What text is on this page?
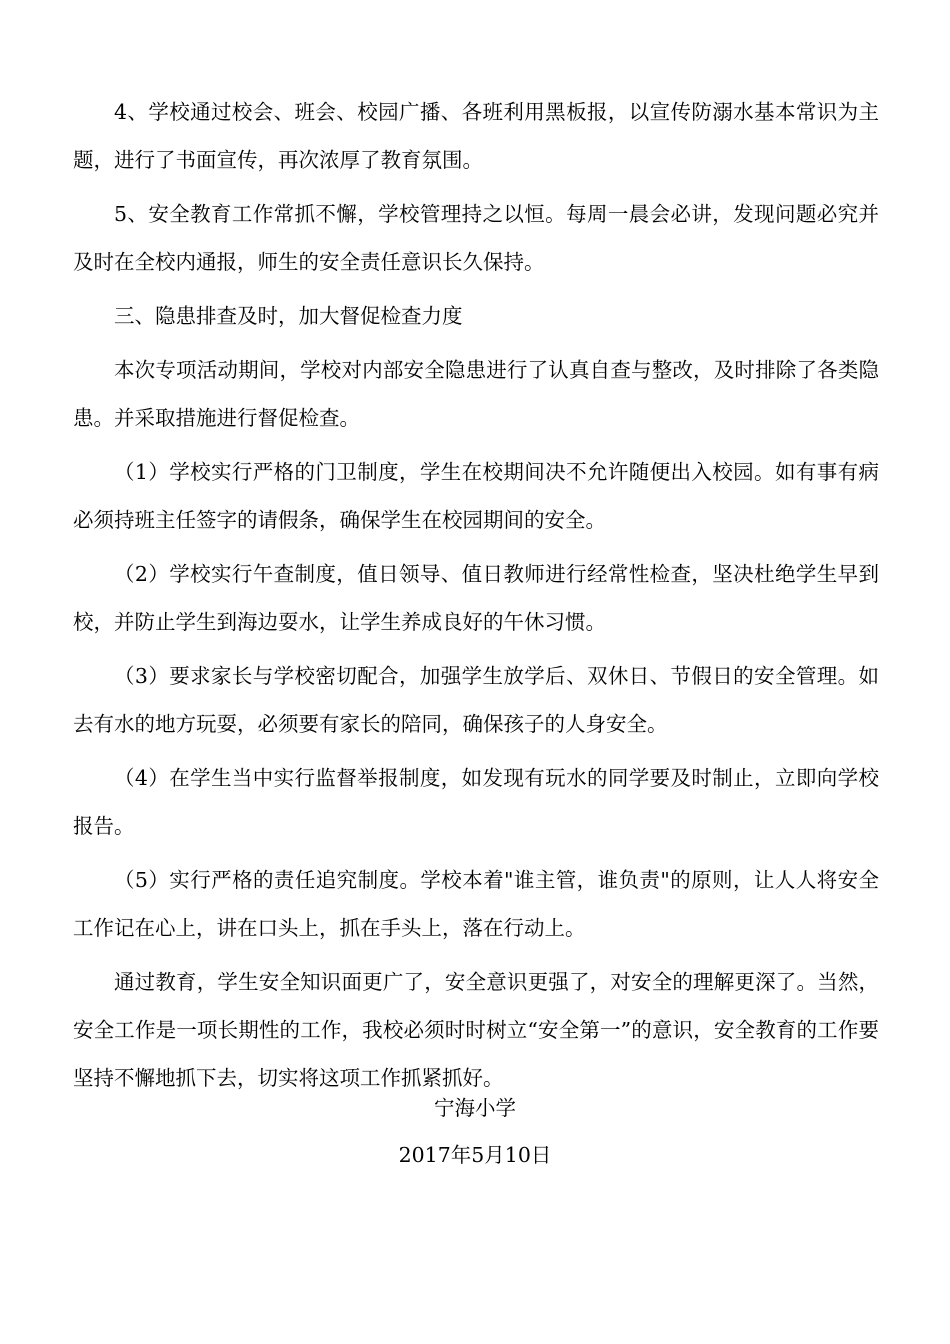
4、学校通过校会、班会、校园广播、各班利用黑板报，以宣传防溺水基本常识为主题，进行了书面宣传，再次浓厚了教育氛围。

5、安全教育工作常抓不懈，学校管理持之以恒。每周一晨会必讲，发现问题必究并及时在全校内通报，师生的安全责任意识长久保持。

三、隐患排查及时，加大督促检查力度

本次专项活动期间，学校对内部安全隐患进行了认真自查与整改，及时排除了各类隐患。并采取措施进行督促检查。

（1）学校实行严格的门卫制度，学生在校期间决不允许随便出入校园。如有事有病必须持班主任签字的请假条，确保学生在校园期间的安全。

（2）学校实行午查制度，值日领导、值日教师进行经常性检查，坚决杜绝学生早到校，并防止学生到海边耍水，让学生养成良好的午休习惯。

（3）要求家长与学校密切配合，加强学生放学后、双休日、节假日的安全管理。如去有水的地方玩耍，必须要有家长的陪同，确保孩子的人身安全。

（4）在学生当中实行监督举报制度，如发现有玩水的同学要及时制止，立即向学校报告。

（5）实行严格的责任追究制度。学校本着"谁主管，谁负责"的原则，让人人将安全工作记在心上，讲在口头上，抓在手头上，落在行动上。

通过教育，学生安全知识面更广了，安全意识更强了，对安全的理解更深了。当然，安全工作是一项长期性的工作，我校必须时时树立“安全第一”的意识，安全教育的工作要坚持不懈地抓下去，切实将这项工作抓紧抓好。

宁海小学
2017年5月10日
